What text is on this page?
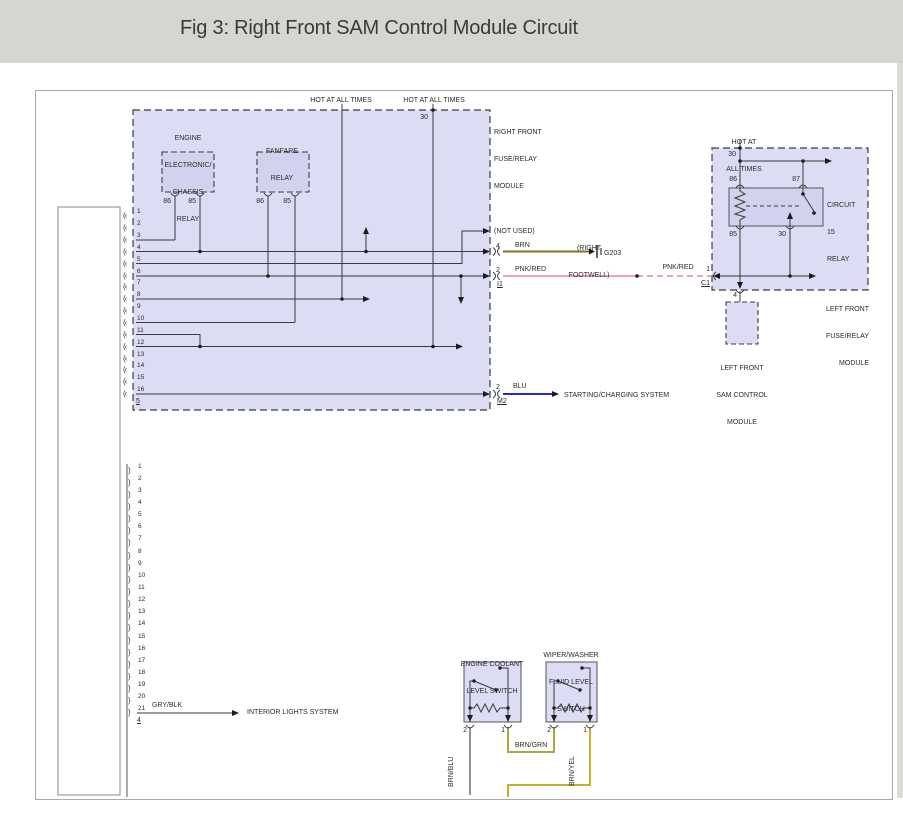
Fig 3: Right Front SAM Control Module Circuit
HOT AT ALL TIMES	HOT AT ALL TIMES
30

RIGHT FRONT

FUSE/RELAY

MODULE

ENGINE

ELECTRONIC/

CHASSIS

RELAY

FANFARE

RELAY

86 85	86	85
(‹	1
(‹	2
(‹	3
(‹	4
(‹	5
(‹	6
(‹	7
(‹	8
(‹	9
(‹	10
(‹	11
(‹	12
(‹	13
(‹	14
(‹	15
(‹	16
5
)	1
)	2
)	3
)	4
)	5
)	6
)	7
)	8
)	9
)	10
)	11
)	12
)	13
)	14
)	15
)	16
)	17
)	18
)	19
)	20
)	21
4
(NOT USED)
4 BRN

	(RIGHT

FOOTWELL)

G203
2 PNK/RED
I1
PNK/RED
2 BLU
M2
STARTING/CHARGING SYSTEM
GRY/BLK
INTERIOR LIGHTS SYSTEM

HOT AT

ALL TIMES

30
86	87

CIRCUIT

15

RELAY

85	30
1
C1
4

LEFT FRONT

FUSE/RELAY

MODULE

LEFT FRONT

SAM CONTROL

MODULE

ENGINE COOLANT

LEVEL SWITCH

WIPER/WASHER

FLUID LEVEL

SWITCH

2	1	2	1
BRN/GRN
BRN/BLU	BRN/YEL
